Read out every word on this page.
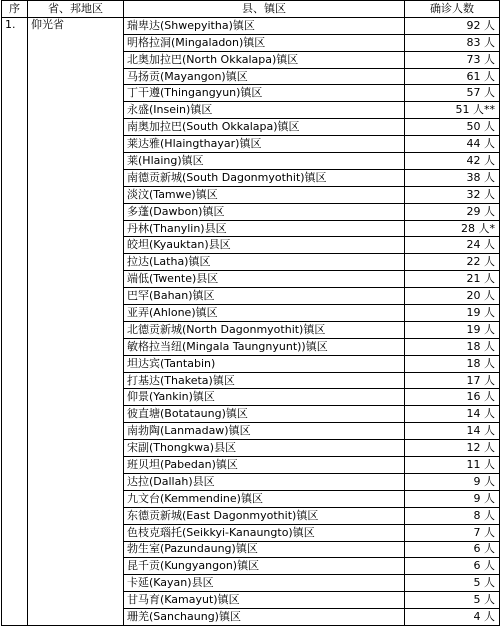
序	省、邦地区	县、镇区	确诊人数
1.	仰光省	瑞卑达(Shwepyitha)镇区	92 人
		明格拉洞(Mingaladon)镇区	83 人
		北奥加拉巴(North Okkalapa)镇区	73 人
		马扬贡(Mayangon)镇区	61 人
		丁干遵(Thingangyun)镇区	57 人
		永盛(Insein)镇区	51 人**
		南奥加拉巴(South Okkalapa)镇区	50 人
		莱达雅(Hlaingthayar)镇区	44 人
		莱(Hlaing)镇区	42 人
		南德贡新城(South Dagonmyothit)镇区	38 人
		淡汶(Tamwe)镇区	32 人
		多蓬(Dawbon)镇区	29 人
		丹林(Thanylin)县区	28 人*
		皎坦(Kyauktan)县区	24 人
		拉达(Latha)镇区	22 人
		端低(Twente)县区	21 人
		巴罕(Bahan)镇区	20 人
		亚弄(Ahlone)镇区	19 人
		北德贡新城(North Dagonmyothit)镇区	19 人
		敏格拉当纽(Mingala Taungnyunt))镇区	18 人
		坦达宾(Tantabin)	18 人
		打基达(Thaketa)镇区	17 人
		仰景(Yankin)镇区	16 人
		彼直塘(Botataung)镇区	14 人
		南勃陶(Lanmadaw)镇区	14 人
		宋副(Thongkwa)县区	12 人
		班贝坦(Pabedan)镇区	11 人
		达拉(Dallah)县区	9 人
		九文台(Kemmendine)镇区	9 人
		东德贡新城(East Dagonmyothit)镇区	8 人
		色枝克瑙托(Seikkyi-Kanaungto)镇区	7 人
		勃生室(Pazundaung)镇区	6 人
		昆千贡(Kungyangon)镇区	6 人
		卡延(Kayan)县区	5 人
		甘马育(Kamayut)镇区	5 人
		珊羌(Sanchaung)镇区	4 人
